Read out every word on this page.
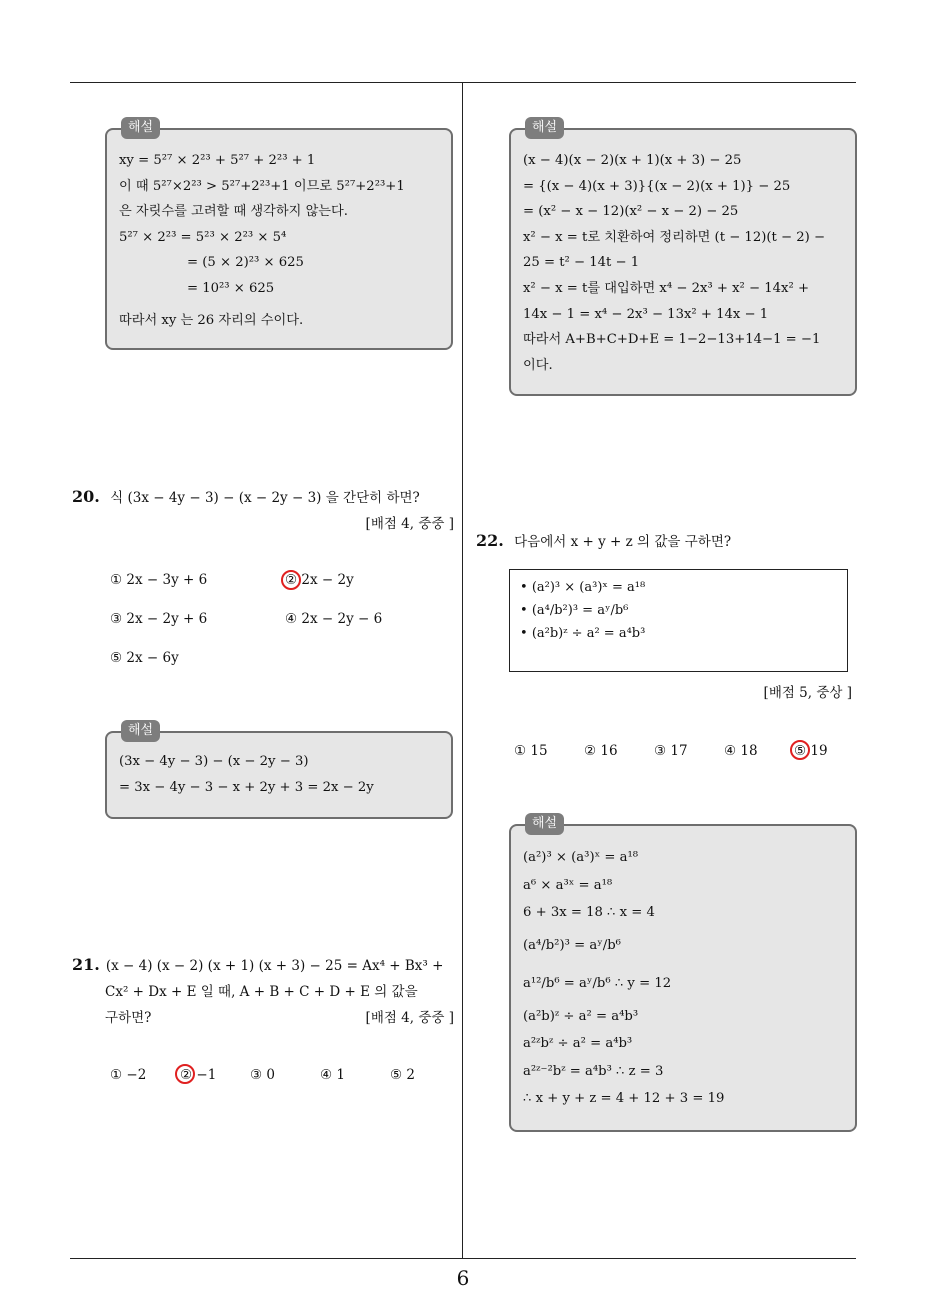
6
해설
xy = 5²⁷ × 2²³ + 5²⁷ + 2²³ + 1
이 때 5²⁷×2²³ > 5²⁷+2²³+1 이므로 5²⁷+2²³+1
은 자릿수를 고려할 때 생각하지 않는다.
5²⁷ × 2²³ = 5²³ × 2²³ × 5⁴
= (5 × 2)²³ × 625
= 10²³ × 625
따라서 xy 는 26 자리의 수이다.
해설
(x − 4)(x − 2)(x + 1)(x + 3) − 25
= {(x − 4)(x + 3)}{(x − 2)(x + 1)} − 25
= (x² − x − 12)(x² − x − 2) − 25
x² − x = t로 치환하여 정리하면 (t − 12)(t − 2) −
25 = t² − 14t − 1
x² − x = t를 대입하면 x⁴ − 2x³ + x² − 14x² +
14x − 1 = x⁴ − 2x³ − 13x² + 14x − 1
따라서 A+B+C+D+E = 1−2−13+14−1 = −1
이다.
20. 식 (3x − 4y − 3) − (x − 2y − 3) 을 간단히 하면?
[배점 4, 중중 ]
① 2x − 3y + 6	② 2x − 2y
③ 2x − 2y + 6	④ 2x − 2y − 6
⑤ 2x − 6y
해설
(3x − 4y − 3) − (x − 2y − 3)
= 3x − 4y − 3 − x + 2y + 3 = 2x − 2y
21. (x − 4) (x − 2) (x + 1) (x + 3) − 25 = Ax⁴ + Bx³ +
Cx² + Dx + E 일 때, A + B + C + D + E 의 값을
구하면?	[배점 4, 중중 ]
① −2 ② −1 ③ 0	④ 1	⑤ 2
22. 다음에서 x + y + z 의 값을 구하면?
• (a²)³ × (a³)ˣ = a¹⁸
• (a⁴/b²)³ = aʸ/b⁶
• (a²b)ᶻ ÷ a² = a⁴b³
[배점 5, 중상 ]
① 15	② 16	③ 17	④ 18	⑤ 19
해설
(a²)³ × (a³)ˣ = a¹⁸
a⁶ × a³ˣ = a¹⁸
6 + 3x = 18 ∴ x = 4
(a⁴/b²)³ = aʸ/b⁶
a¹²/b⁶ = aʸ/b⁶ ∴ y = 12
(a²b)ᶻ ÷ a² = a⁴b³
a²ᶻbᶻ ÷ a² = a⁴b³
a²ᶻ⁻²bᶻ = a⁴b³ ∴ z = 3
∴ x + y + z = 4 + 12 + 3 = 19
